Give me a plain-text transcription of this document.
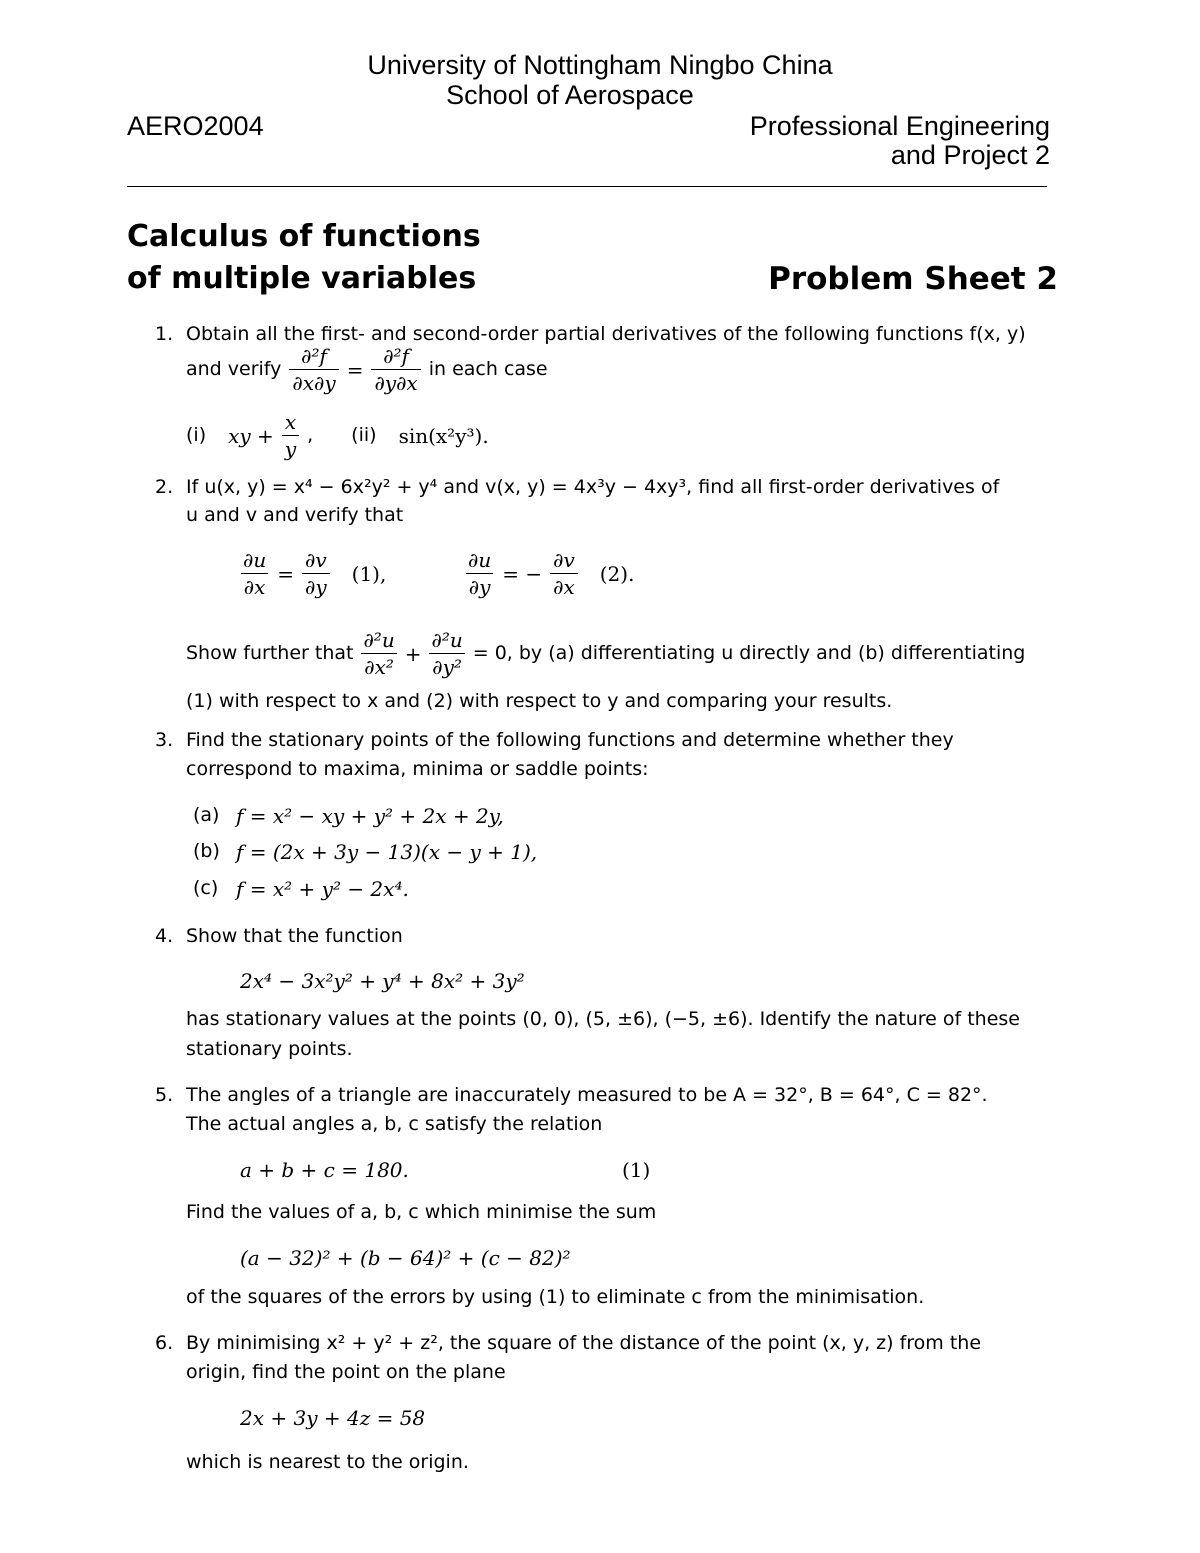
University of Nottingham Ningbo China
School of Aerospace
AERO2004	Professional Engineering
and Project 2
Calculus of functions
of multiple variables	Problem Sheet 2
1. Obtain all the first- and second-order partial derivatives of the following functions f(x, y)
and verify $\frac{\text{∂²f}}{\partial x\partial y} = \frac{\text{∂²f}}{\partial y\partial x}$ in each case
(i) xy + $\frac{x}{y}$ , (ii) sin(x²y³).
2. If u(x, y) = x⁴ − 6x²y² + y⁴ and v(x, y) = 4x³y − 4xy³, find all first-order derivatives of
u and v and verify that
$\frac{\partial u}{\partial x} = \frac{\partial v}{\partial y} (1)$,	$\frac{\partial u}{\partial y}$ = − $\frac{\partial v}{\partial x} (2)$.
Show further that $\frac{\text{∂²u}}{\text{∂x²}} + \frac{\text{∂²u}}{\text{∂y²}} = 0$, by (a) differentiating u directly and (b) differentiating
(1) with respect to x and (2) with respect to y and comparing your results.
3. Find the stationary points of the following functions and determine whether they
correspond to maxima, minima or saddle points:
(a) f = x² − xy + y² + 2x + 2y,
(b) f = (2x + 3y − 13)(x − y + 1),
(c) f = x² + y² − 2x⁴.
4. Show that the function
2x⁴ − 3x²y² + y⁴ + 8x² + 3y²
has stationary values at the points (0, 0), (5, ±6), (−5, ±6). Identify the nature of these
stationary points.
5. The angles of a triangle are inaccurately measured to be A = 32°, B = 64°, C = 82°.
The actual angles a, b, c satisfy the relation
a + b + c = 180.	(1)
Find the values of a, b, c which minimise the sum
(a − 32)² + (b − 64)² + (c − 82)²
of the squares of the errors by using (1) to eliminate c from the minimisation.
6. By minimising x² + y² + z², the square of the distance of the point (x, y, z) from the
origin, find the point on the plane
2x + 3y + 4z = 58
which is nearest to the origin.
